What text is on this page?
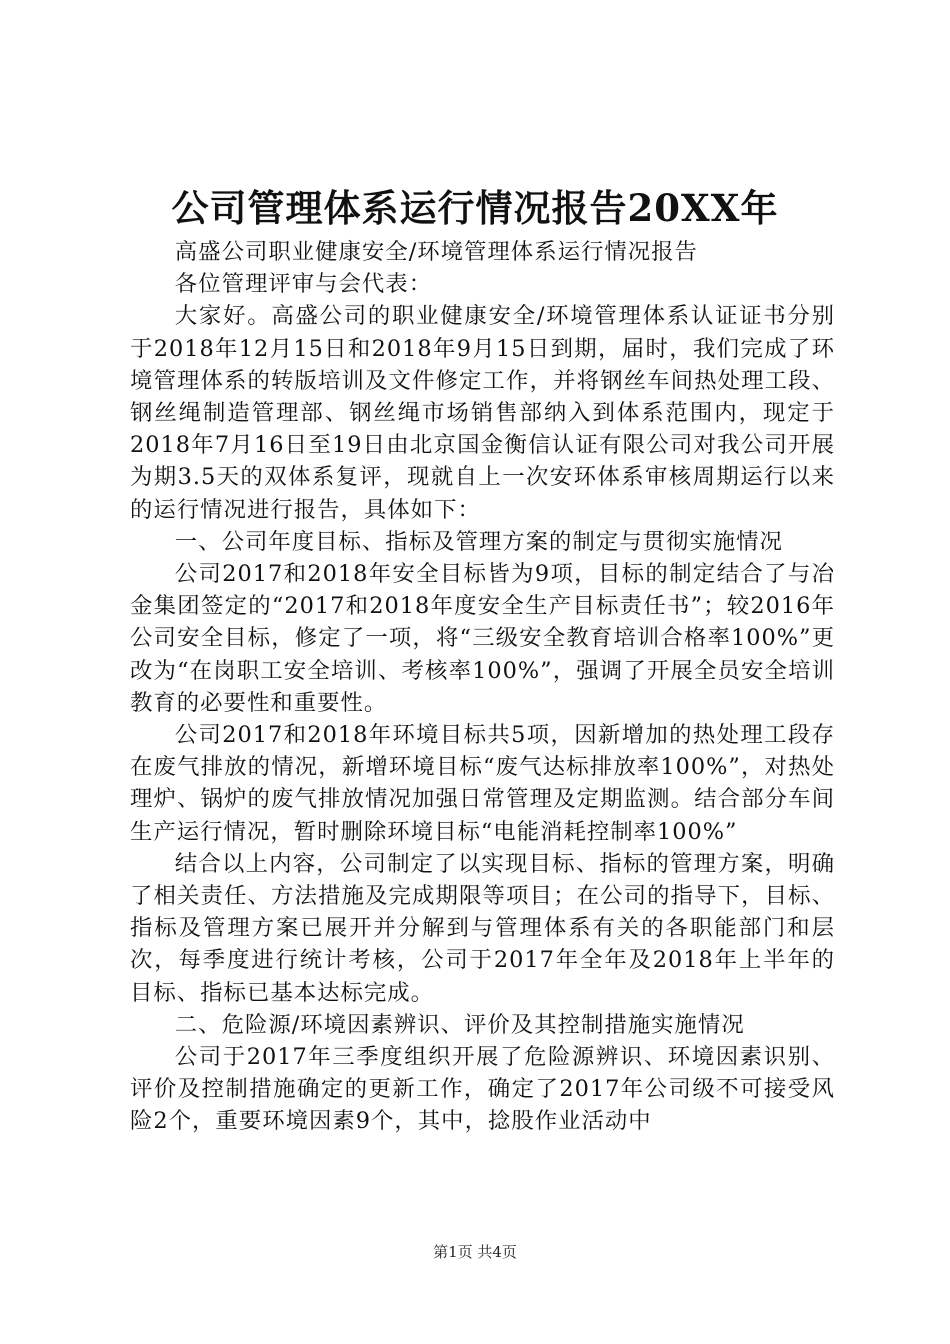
公司管理体系运行情况报告20XX年

高盛公司职业健康安全/环境管理体系运行情况报告

各位管理评审与会代表：

大家好。高盛公司的职业健康安全/环境管理体系认证证书分别于2018年12月15日和2018年9月15日到期，届时，我们完成了环境管理体系的转版培训及文件修定工作，并将钢丝车间热处理工段、钢丝绳制造管理部、钢丝绳市场销售部纳入到体系范围内，现定于2018年7月16日至19日由北京国金衡信认证有限公司对我公司开展为期3.5天的双体系复评，现就自上一次安环体系审核周期运行以来的运行情况进行报告，具体如下：

一、公司年度目标、指标及管理方案的制定与贯彻实施情况

公司2017和2018年安全目标皆为9项，目标的制定结合了与冶金集团签定的“2017和2018年度安全生产目标责任书”；较2016年公司安全目标，修定了一项，将“三级安全教育培训合格率100%”更改为“在岗职工安全培训、考核率100%”，强调了开展全员安全培训教育的必要性和重要性。

公司2017和2018年环境目标共5项，因新增加的热处理工段存在废气排放的情况，新增环境目标“废气达标排放率100%”，对热处理炉、锅炉的废气排放情况加强日常管理及定期监测。结合部分车间生产运行情况，暂时删除环境目标“电能消耗控制率100%”

结合以上内容，公司制定了以实现目标、指标的管理方案，明确了相关责任、方法措施及完成期限等项目；在公司的指导下，目标、指标及管理方案已展开并分解到与管理体系有关的各职能部门和层次，每季度进行统计考核，公司于2017年全年及2018年上半年的目标、指标已基本达标完成。

二、危险源/环境因素辨识、评价及其控制措施实施情况

公司于2017年三季度组织开展了危险源辨识、环境因素识别、评价及控制措施确定的更新工作，确定了2017年公司级不可接受风险2个，重要环境因素9个，其中，捻股作业活动中

第1页 共4页
